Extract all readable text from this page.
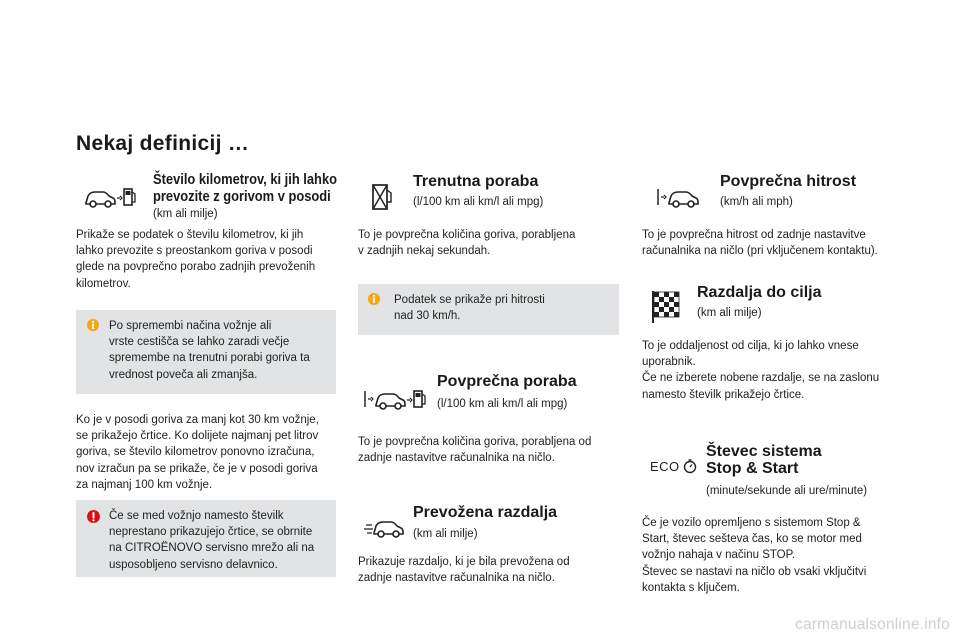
Nekaj definicij …
Število kilometrov, ki jih lahko
prevozite z gorivom v posodi
(km ali milje)
Prikaže se podatek o številu kilometrov, ki jih
lahko prevozite s preostankom goriva v posodi
glede na povprečno porabo zadnjih prevoženih
kilometrov.
Po spremembi načina vožnje ali
vrste cestišča se lahko zaradi večje
spremembe na trenutni porabi goriva ta
vrednost poveča ali zmanjša.
Ko je v posodi goriva za manj kot 30 km vožnje,
se prikažejo črtice. Ko dolijete najmanj pet litrov
goriva, se število kilometrov ponovno izračuna,
nov izračun pa se prikaže, če je v posodi goriva
za najmanj 100 km vožnje.
Če se med vožnjo namesto številk
neprestano prikazujejo črtice, se obrnite
na CITROËNOVO servisno mrežo ali na
usposobljeno servisno delavnico.
Trenutna poraba
(l/100 km ali km/l ali mpg)
To je povprečna količina goriva, porabljena
v zadnjih nekaj sekundah.
Podatek se prikaže pri hitrosti
nad 30 km/h.
Povprečna poraba
(l/100 km ali km/l ali mpg)
To je povprečna količina goriva, porabljena od
zadnje nastavitve računalnika na ničlo.
Prevožena razdalja
(km ali milje)
Prikazuje razdaljo, ki je bila prevožena od
zadnje nastavitve računalnika na ničlo.
Povprečna hitrost
(km/h ali mph)
To je povprečna hitrost od zadnje nastavitve
računalnika na ničlo (pri vključenem kontaktu).
Razdalja do cilja
(km ali milje)
To je oddaljenost od cilja, ki jo lahko vnese
uporabnik.
Če ne izberete nobene razdalje, se na zaslonu
namesto številk prikažejo črtice.
ECO
Števec sistema
Stop & Start
(minute/sekunde ali ure/minute)
Če je vozilo opremljeno s sistemom Stop &
Start, števec sešteva čas, ko se motor med
vožnjo nahaja v načinu STOP.
Števec se nastavi na ničlo ob vsaki vključitvi
kontakta s ključem.
carmanualsonline.info
